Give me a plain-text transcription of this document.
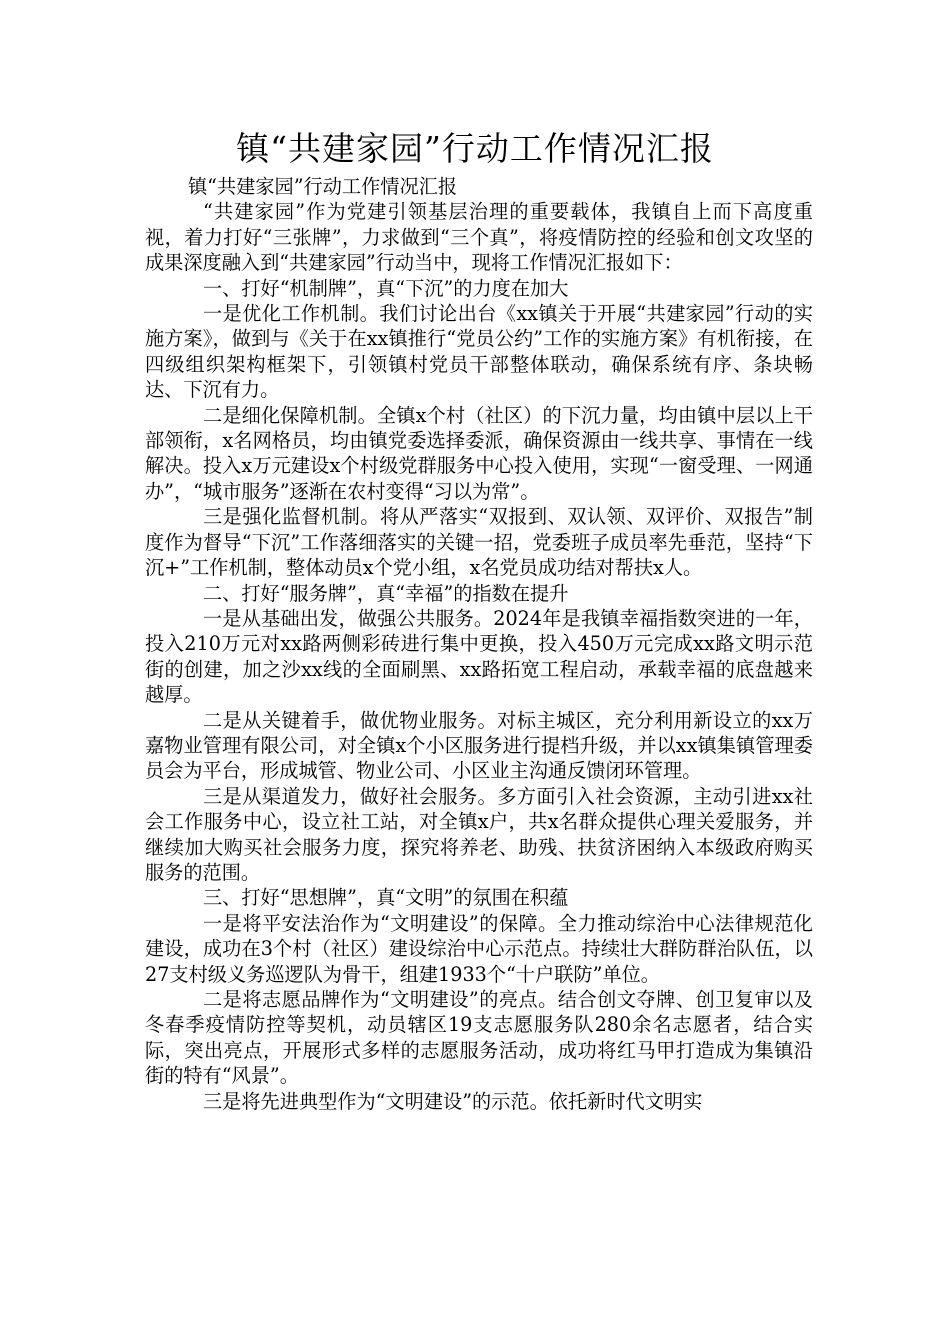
镇“共建家园”行动工作情况汇报

镇“共建家园”行动工作情况汇报

“共建家园”作为党建引领基层治理的重要载体，我镇自上而下高度重视，着力打好“三张牌”，力求做到“三个真”，将疫情防控的经验和创文攻坚的成果深度融入到“共建家园”行动当中，现将工作情况汇报如下：

一、打好“机制牌”，真“下沉”的力度在加大

一是优化工作机制。我们讨论出台《xx镇关于开展“共建家园”行动的实施方案》，做到与《关于在xx镇推行“党员公约”工作的实施方案》有机衔接，在四级组织架构框架下，引领镇村党员干部整体联动，确保系统有序、条块畅达、下沉有力。

二是细化保障机制。全镇x个村（社区）的下沉力量，均由镇中层以上干部领衔，x名网格员，均由镇党委选择委派，确保资源由一线共享、事情在一线解决。投入x万元建设x个村级党群服务中心投入使用，实现“一窗受理、一网通办”，“城市服务”逐渐在农村变得“习以为常”。

三是强化监督机制。将从严落实“双报到、双认领、双评价、双报告”制度作为督导“下沉”工作落细落实的关键一招，党委班子成员率先垂范，坚持“下沉+”工作机制，整体动员x个党小组，x名党员成功结对帮扶x人。

二、打好“服务牌”，真“幸福”的指数在提升

一是从基础出发，做强公共服务。2024年是我镇幸福指数突进的一年，投入210万元对xx路两侧彩砖进行集中更换，投入450万元完成xx路文明示范街的创建，加之沙xx线的全面刷黑、xx路拓宽工程启动，承载幸福的底盘越来越厚。

二是从关键着手，做优物业服务。对标主城区，充分利用新设立的xx万嘉物业管理有限公司，对全镇x个小区服务进行提档升级，并以xx镇集镇管理委员会为平台，形成城管、物业公司、小区业主沟通反馈闭环管理。

三是从渠道发力，做好社会服务。多方面引入社会资源，主动引进xx社会工作服务中心，设立社工站，对全镇x户，共x名群众提供心理关爱服务，并继续加大购买社会服务力度，探究将养老、助残、扶贫济困纳入本级政府购买服务的范围。

三、打好“思想牌”，真“文明”的氛围在积蕴

一是将平安法治作为“文明建设”的保障。全力推动综治中心法律规范化建设，成功在3个村（社区）建设综治中心示范点。持续壮大群防群治队伍，以27支村级义务巡逻队为骨干，组建1933个“十户联防”单位。

二是将志愿品牌作为“文明建设”的亮点。结合创文夺牌、创卫复审以及冬春季疫情防控等契机，动员辖区19支志愿服务队280余名志愿者，结合实际，突出亮点，开展形式多样的志愿服务活动，成功将红马甲打造成为集镇沿街的特有“风景”。

三是将先进典型作为“文明建设”的示范。依托新时代文明实
